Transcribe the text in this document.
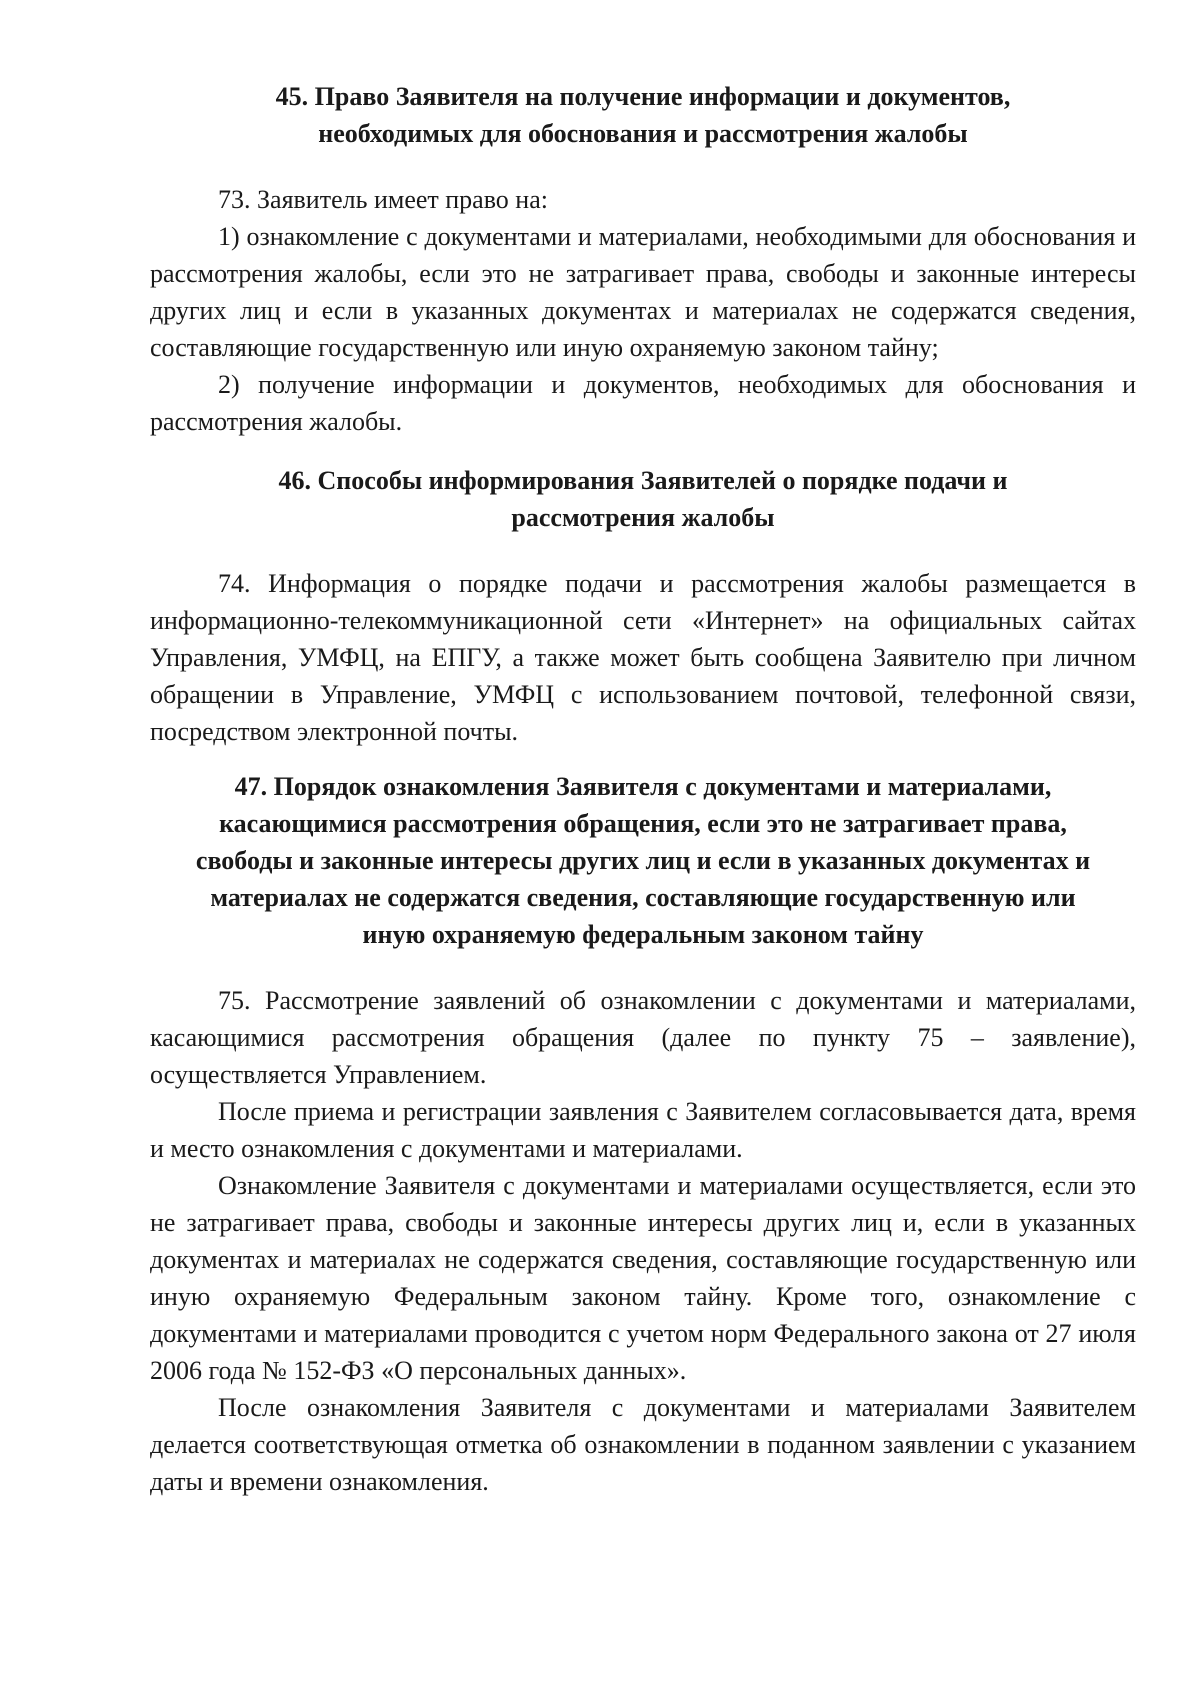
45. Право Заявителя на получение информации и документов,
необходимых для обоснования и рассмотрения жалобы

73. Заявитель имеет право на:

1) ознакомление с документами и материалами, необходимыми для обоснования и рассмотрения жалобы, если это не затрагивает права, свободы и законные интересы других лиц и если в указанных документах и материалах не содержатся сведения, составляющие государственную или иную охраняемую законом тайну;

2) получение информации и документов, необходимых для обоснования и рассмотрения жалобы.

46. Способы информирования Заявителей о порядке подачи и
рассмотрения жалобы

74. Информация о порядке подачи и рассмотрения жалобы размещается в информационно-телекоммуникационной сети «Интернет» на официальных сайтах Управления, УМФЦ, на ЕПГУ, а также может быть сообщена Заявителю при личном обращении в Управление, УМФЦ с использованием почтовой, телефонной связи, посредством электронной почты.

47. Порядок ознакомления Заявителя с документами и материалами,
касающимися рассмотрения обращения, если это не затрагивает права,
свободы и законные интересы других лиц и если в указанных документах и
материалах не содержатся сведения, составляющие государственную или
иную охраняемую федеральным законом тайну

75. Рассмотрение заявлений об ознакомлении с документами и материалами, касающимися рассмотрения обращения (далее по пункту 75 – заявление), осуществляется Управлением.

После приема и регистрации заявления с Заявителем согласовывается дата, время и место ознакомления с документами и материалами.

Ознакомление Заявителя с документами и материалами осуществляется, если это не затрагивает права, свободы и законные интересы других лиц и, если в указанных документах и материалах не содержатся сведения, составляющие государственную или иную охраняемую Федеральным законом тайну. Кроме того, ознакомление с документами и материалами проводится с учетом норм Федерального закона от 27 июля 2006 года № 152-ФЗ «О персональных данных».

После ознакомления Заявителя с документами и материалами Заявителем делается соответствующая отметка об ознакомлении в поданном заявлении с указанием даты и времени ознакомления.
